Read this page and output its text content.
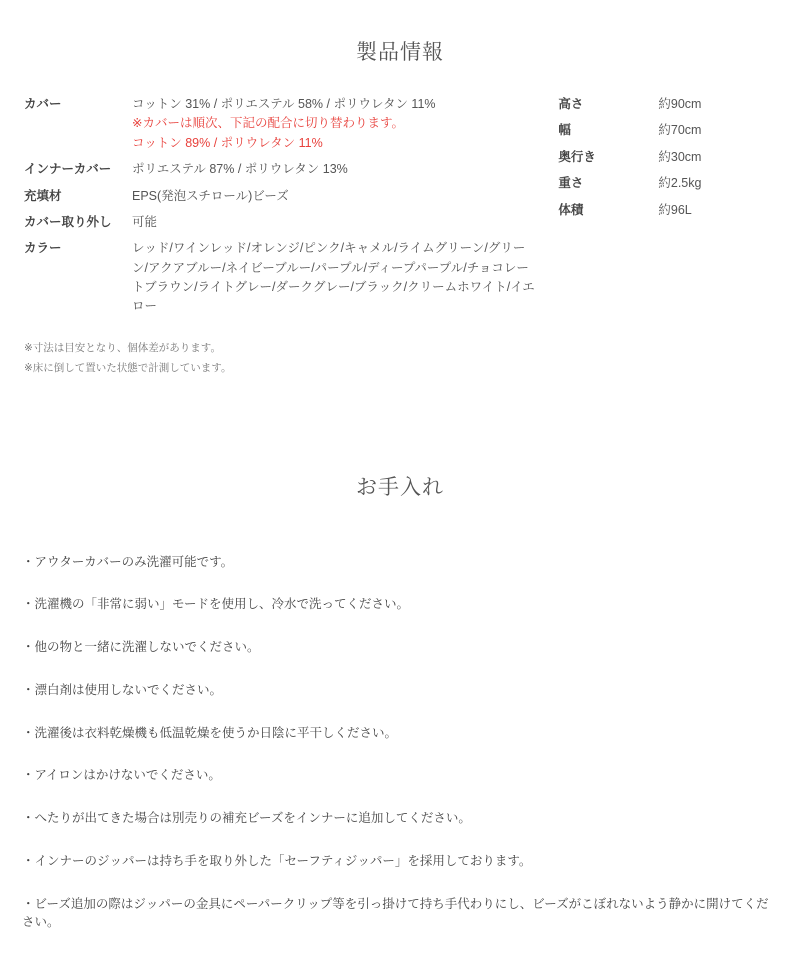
製品情報
カバー	コットン 31% / ポリエステル 58% / ポリウレタン 11%
※カバーは順次、下記の配合に切り替わります。
コットン 89% / ポリウレタン 11%

インナーカバー	ポリエステル 87% / ポリウレタン 13%
充填材	EPS(発泡スチロール)ビーズ
カバー取り外し	可能
カラー	レッド/ワインレッド/オレンジ/ピンク/キャメル/ライムグリーン/グリーン/アクアブルー/ネイビーブルー/パープル/ディープパープル/チョコレートブラウン/ライトグレー/ダークグレー/ブラック/クリームホワイト/イエロー
高さ	約90cm
幅	約70cm
奥行き	約30cm
重さ	約2.5kg
体積	約96L
※寸法は目安となり、個体差があります。
※床に倒して置いた状態で計測しています。
お手入れ
・アウターカバーのみ洗濯可能です。
・洗濯機の「非常に弱い」モードを使用し、冷水で洗ってください。
・他の物と一緒に洗濯しないでください。
・漂白剤は使用しないでください。
・洗濯後は衣料乾燥機も低温乾燥を使うか日陰に平干しください。
・アイロンはかけないでください。
・へたりが出てきた場合は別売りの補充ビーズをインナーに追加してください。
・インナーのジッパーは持ち手を取り外した「セーフティジッパー」を採用しております。
・ビーズ追加の際はジッパーの金具にペーパークリップ等を引っ掛けて持ち手代わりにし、ビーズがこぼれないよう静かに開けてください。
